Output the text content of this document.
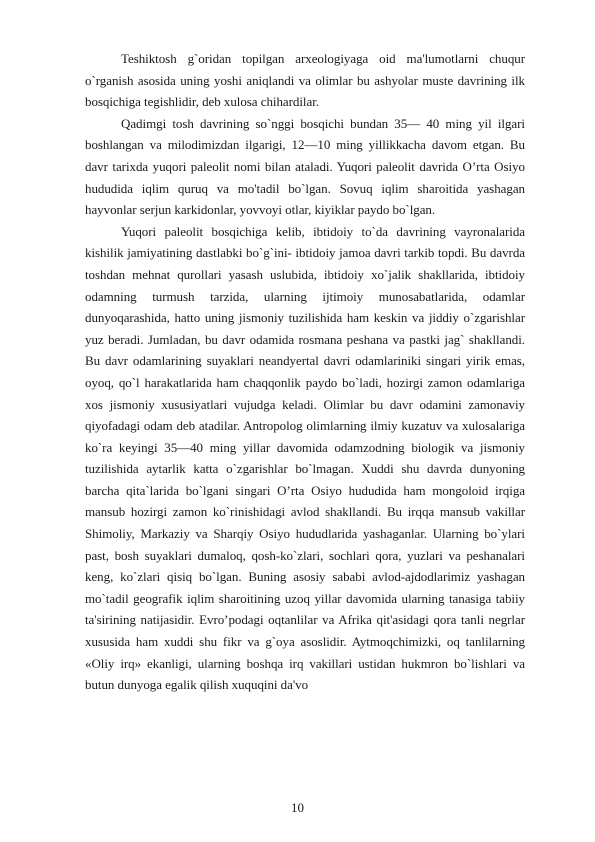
Teshiktosh g`oridan topilgan arxeologiyaga oid ma'lumotlarni chuqur o`rganish asosida uning yoshi aniqlandi va olimlar bu ashyolar muste davrining ilk bosqichiga tegishlidir, deb xulosa chihardilar.

Qadimgi tosh davrining so`nggi bosqichi bundan 35— 40 ming yil ilgari boshlangan va milodimizdan ilgarigi, 12—10 ming yillikkacha davom etgan. Bu davr tarixda yuqori paleolit nomi bilan ataladi. Yuqori paleolit davrida O’rta Osiyo hududida iqlim quruq va mo'tadil bo`lgan. Sovuq iqlim sharoitida yashagan hayvonlar serjun karkidonlar, yovvoyi otlar, kiyiklar paydo bo`lgan.

Yuqori paleolit bosqichiga kelib, ibtidoiy to`da davrining vayronalarida kishilik jamiyatining dastlabki bo`g`ini- ibtidoiy jamoa davri tarkib topdi. Bu davrda toshdan mehnat qurollari yasash uslubida, ibtidoiy xo`jalik shakllarida, ibtidoiy odamning turmush tarzida, ularning ijtimoiy munosabatlarida, odamlar dunyoqarashida, hatto uning jismoniy tuzilishida ham keskin va jiddiy o`zgarishlar yuz beradi. Jumladan, bu davr odamida rosmana peshana va pastki jag` shakllandi. Bu davr odamlarining suyaklari neandyertal davri odamlariniki singari yirik emas, oyoq, qo`l harakatlarida ham chaqqonlik paydo bo`ladi, hozirgi zamon odamlariga xos jismoniy xususiyatlari vujudga keladi. Olimlar bu davr odamini zamonaviy qiyofadagi odam deb atadilar. Antropolog olimlarning ilmiy kuzatuv va xulosalariga ko`ra keyingi 35—40 ming yillar davomida odamzodning biologik va jismoniy tuzilishida aytarlik katta o`zgarishlar bo`lmagan. Xuddi shu davrda dunyoning barcha qita`larida bo`lgani singari O’rta Osiyo hududida ham mongoloid irqiga mansub hozirgi zamon ko`rinishidagi avlod shakllandi. Bu irqqa mansub vakillar Shimoliy, Markaziy va Sharqiy Osiyo hududlarida yashaganlar. Ularning bo`ylari past, bosh suyaklari dumaloq, qosh-ko`zlari, sochlari qora, yuzlari va peshanalari keng, ko`zlari qisiq bo`lgan. Buning asosiy sababi avlod-ajdodlarimiz yashagan mo`tadil geografik iqlim sharoitining uzoq yillar davomida ularning tanasiga tabiiy ta'sirining natijasidir. Evro’podagi oqtanlilar va Afrika qit'asidagi qora tanli negrlar xususida ham xuddi shu fikr va g`oya asoslidir. Aytmoqchimizki, oq tanlilarning «Oliy irq» ekanligi, ularning boshqa irq vakillari ustidan hukmron bo`lishlari va butun dunyoga egalik qilish xuquqini da'vo

10
